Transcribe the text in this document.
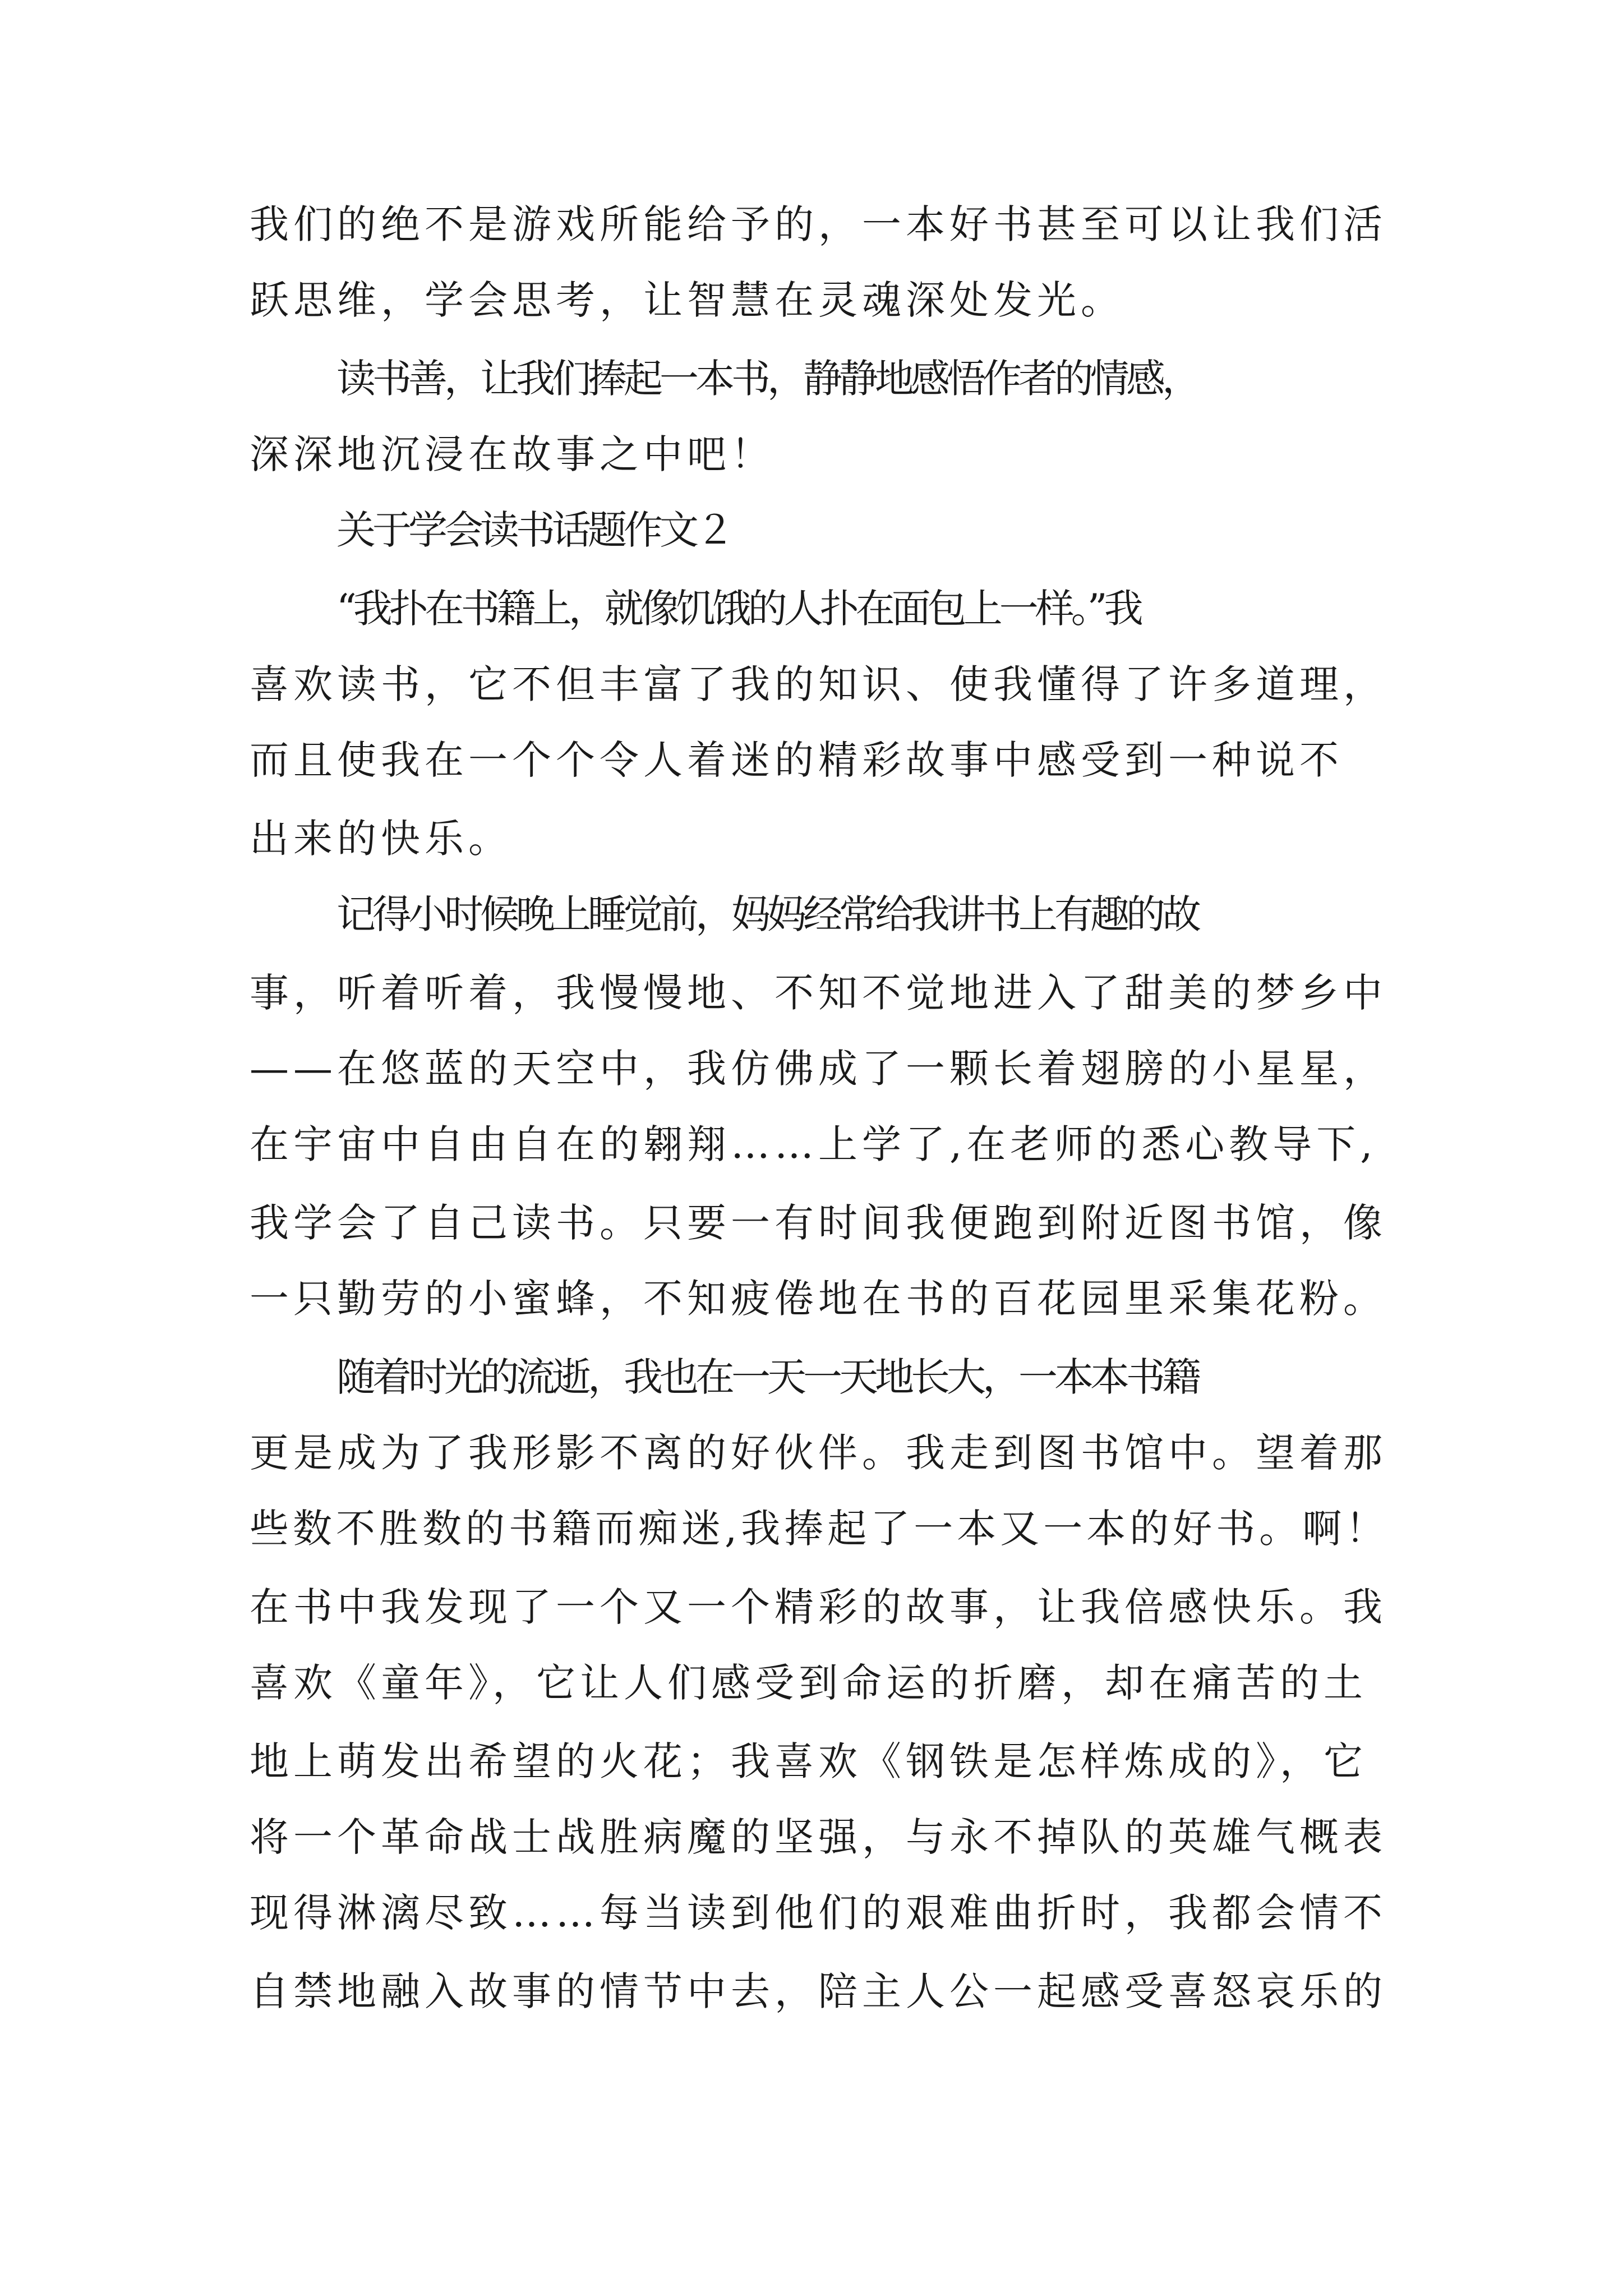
我们的绝不是游戏所能给予的，一本好书甚至可以让我们活
跃思维，学会思考，让智慧在灵魂深处发光。
读书善，让我们捧起一本书，静静地感悟作者的情感，
深深地沉浸在故事之中吧！
关于学会读书话题作文２
“我扑在书籍上，就像饥饿的人扑在面包上一样。”我
喜欢读书，它不但丰富了我的知识、使我懂得了许多道理，
而且使我在一个个令人着迷的精彩故事中感受到一种说不
出来的快乐。
记得小时候晚上睡觉前，妈妈经常给我讲书上有趣的故
事，听着听着，我慢慢地、不知不觉地进入了甜美的梦乡中
——在悠蓝的天空中，我仿佛成了一颗长着翅膀的小星星，
在宇宙中自由自在的翱翔……上学了,在老师的悉心教导下,
我学会了自己读书。只要一有时间我便跑到附近图书馆，像
一只勤劳的小蜜蜂，不知疲倦地在书的百花园里采集花粉。
随着时光的流逝，我也在一天一天地长大，一本本书籍
更是成为了我形影不离的好伙伴。我走到图书馆中。望着那
些数不胜数的书籍而痴迷,我捧起了一本又一本的好书。啊！
在书中我发现了一个又一个精彩的故事，让我倍感快乐。我
喜欢《童年》，它让人们感受到命运的折磨，却在痛苦的土
地上萌发出希望的火花；我喜欢《钢铁是怎样炼成的》，它
将一个革命战士战胜病魔的坚强，与永不掉队的英雄气概表
现得淋漓尽致……每当读到他们的艰难曲折时，我都会情不
自禁地融入故事的情节中去，陪主人公一起感受喜怒哀乐的
